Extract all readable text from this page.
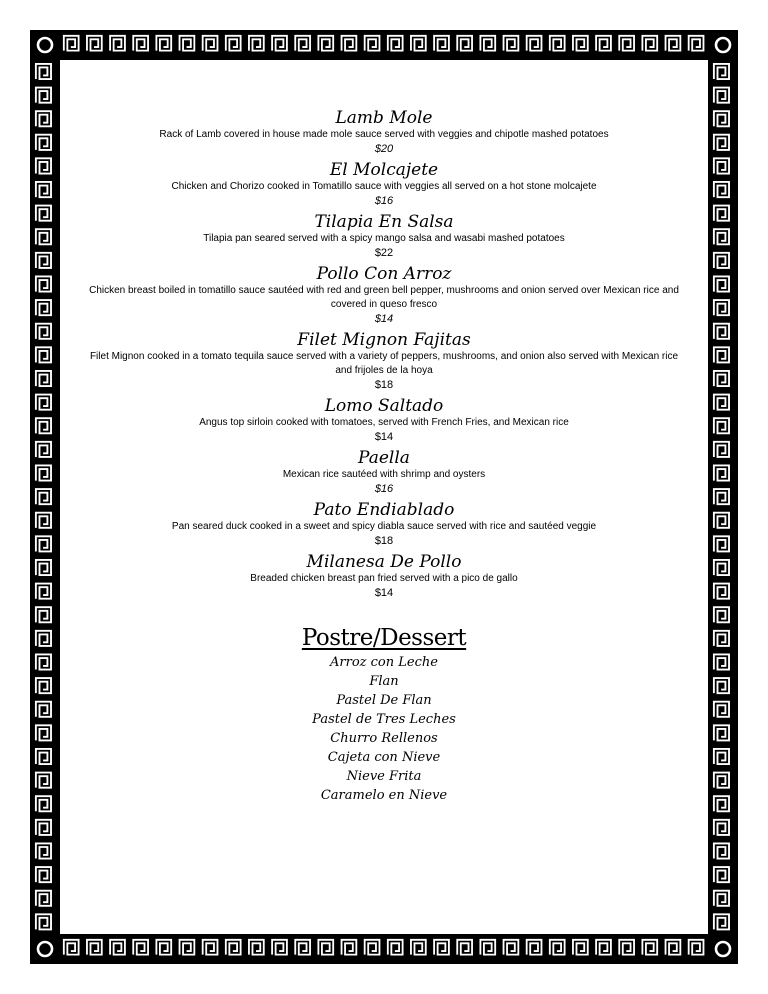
Lamb Mole
Rack of Lamb covered in house made mole sauce served with veggies and chipotle mashed potatoes
$20
El Molcajete
Chicken and Chorizo cooked in Tomatillo sauce with veggies all served on a hot stone molcajete
$16
Tilapia En Salsa
Tilapia pan seared served with a spicy mango salsa and wasabi mashed potatoes
$22
Pollo Con Arroz
Chicken breast boiled in tomatillo sauce sautéed with red and green bell pepper, mushrooms and onion served over Mexican rice and covered in queso fresco
$14
Filet Mignon Fajitas
Filet Mignon cooked in a tomato tequila sauce served with a variety of peppers, mushrooms, and onion also served with Mexican rice and frijoles de la hoya
$18
Lomo Saltado
Angus top sirloin cooked with tomatoes, served with French Fries, and Mexican rice
$14
Paella
Mexican rice sautéed with shrimp and oysters
$16
Pato Endiablado
Pan seared duck cooked in a sweet and spicy diabla sauce served with rice and sautéed veggie
$18
Milanesa De Pollo
Breaded chicken breast pan fried served with a pico de gallo
$14
Postre/Dessert
Arroz con Leche
Flan
Pastel De Flan
Pastel de Tres Leches
Churro Rellenos
Cajeta con Nieve
Nieve Frita
Caramelo en Nieve
